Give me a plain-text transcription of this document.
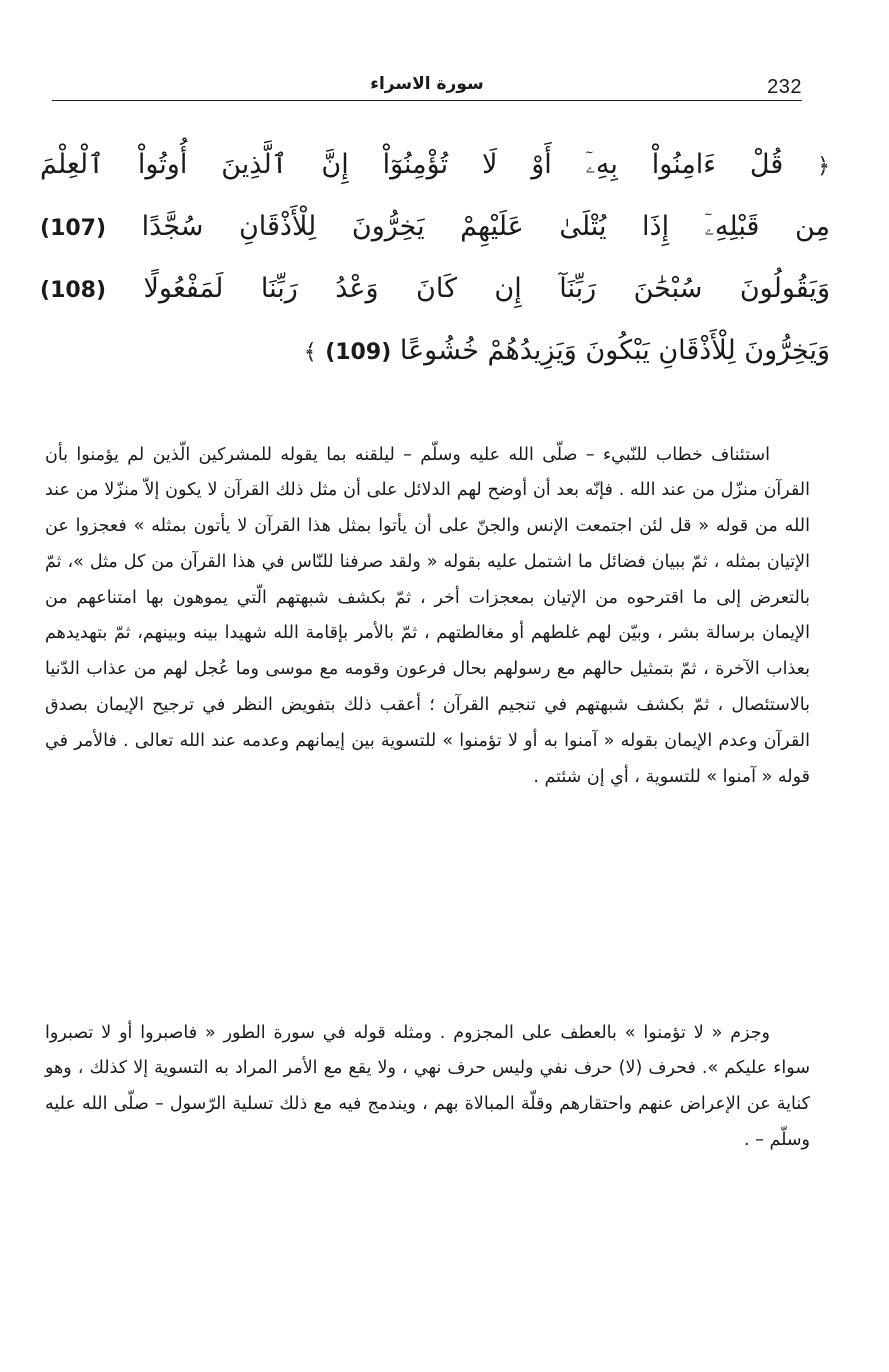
232
سورة الاسراء
﴿ قُلْ ءَامِنُواْ بِهِۦٓ أَوْ لَا تُؤْمِنُوٓاْ إِنَّ ٱلَّذِينَ أُوتُواْ ٱلْعِلْمَ
مِن قَبْلِهِۦٓ إِذَا يُتْلَىٰ عَلَيْهِمْ يَخِرُّونَ لِلْأَذْقَانِ سُجَّدًا (107)
وَيَقُولُونَ سُبْحَٰنَ رَبِّنَآ إِن كَانَ وَعْدُ رَبِّنَا لَمَفْعُولًا (108)
وَيَخِرُّونَ لِلْأَذْقَانِ يَبْكُونَ وَيَزِيدُهُمْ خُشُوعًا (109) ﴾

استئناف خطاب للنّبيء – صلّى الله عليه وسلّم – ليلقنه بما يقوله للمشركين الّذين لم يؤمنوا بأن القرآن منزّل من عند الله . فإنّه بعد أن أوضح لهم الدلائل على أن مثل ذلك القرآن لا يكون إلاّ منزّلا من عند الله من قوله « قل لئن اجتمعت الإنس والجنّ على أن يأتوا بمثل هذا القرآن لا يأتون بمثله » فعجزوا عن الإتيان بمثله ، ثمّ ببيان فضائل ما اشتمل عليه بقوله « ولقد صرفنا للنّاس في هذا القرآن من كل مثل »، ثمّ بالتعرض إلى ما اقترحوه من الإتيان بمعجزات أخر ، ثمّ بكشف شبهتهم الّتي يموهون بها امتناعهم من الإيمان برسالة بشر ، وبيّن لهم غلطهم أو مغالطتهم ، ثمّ بالأمر بإقامة الله شهيدا بينه وبينهم، ثمّ بتهديدهم بعذاب الآخرة ، ثمّ بتمثيل حالهم مع رسولهم بحال فرعون وقومه مع موسى وما عُجل لهم من عذاب الدّنيا بالاستئصال ، ثمّ بكشف شبهتهم في تنجيم القرآن ؛ أعقب ذلك بتفويض النظر في ترجيح الإيمان بصدق القرآن وعدم الإيمان بقوله « آمنوا به أو لا تؤمنوا » للتسوية بين إيمانهم وعدمه عند الله تعالى . فالأمر في قوله « آمنوا » للتسوية ، أي إن شئتم .

وجزم « لا تؤمنوا » بالعطف على المجزوم . ومثله قوله في سورة الطور « فاصبروا أو لا تصبروا سواء عليكم ». فحرف (لا) حرف نفي وليس حرف نهي ، ولا يقع مع الأمر المراد به التسوية إلا كذلك ، وهو كناية عن الإعراض عنهم واحتقارهم وقلّة المبالاة بهم ، ويندمج فيه مع ذلك تسلية الرّسول – صلّى الله عليه وسلّم – .
